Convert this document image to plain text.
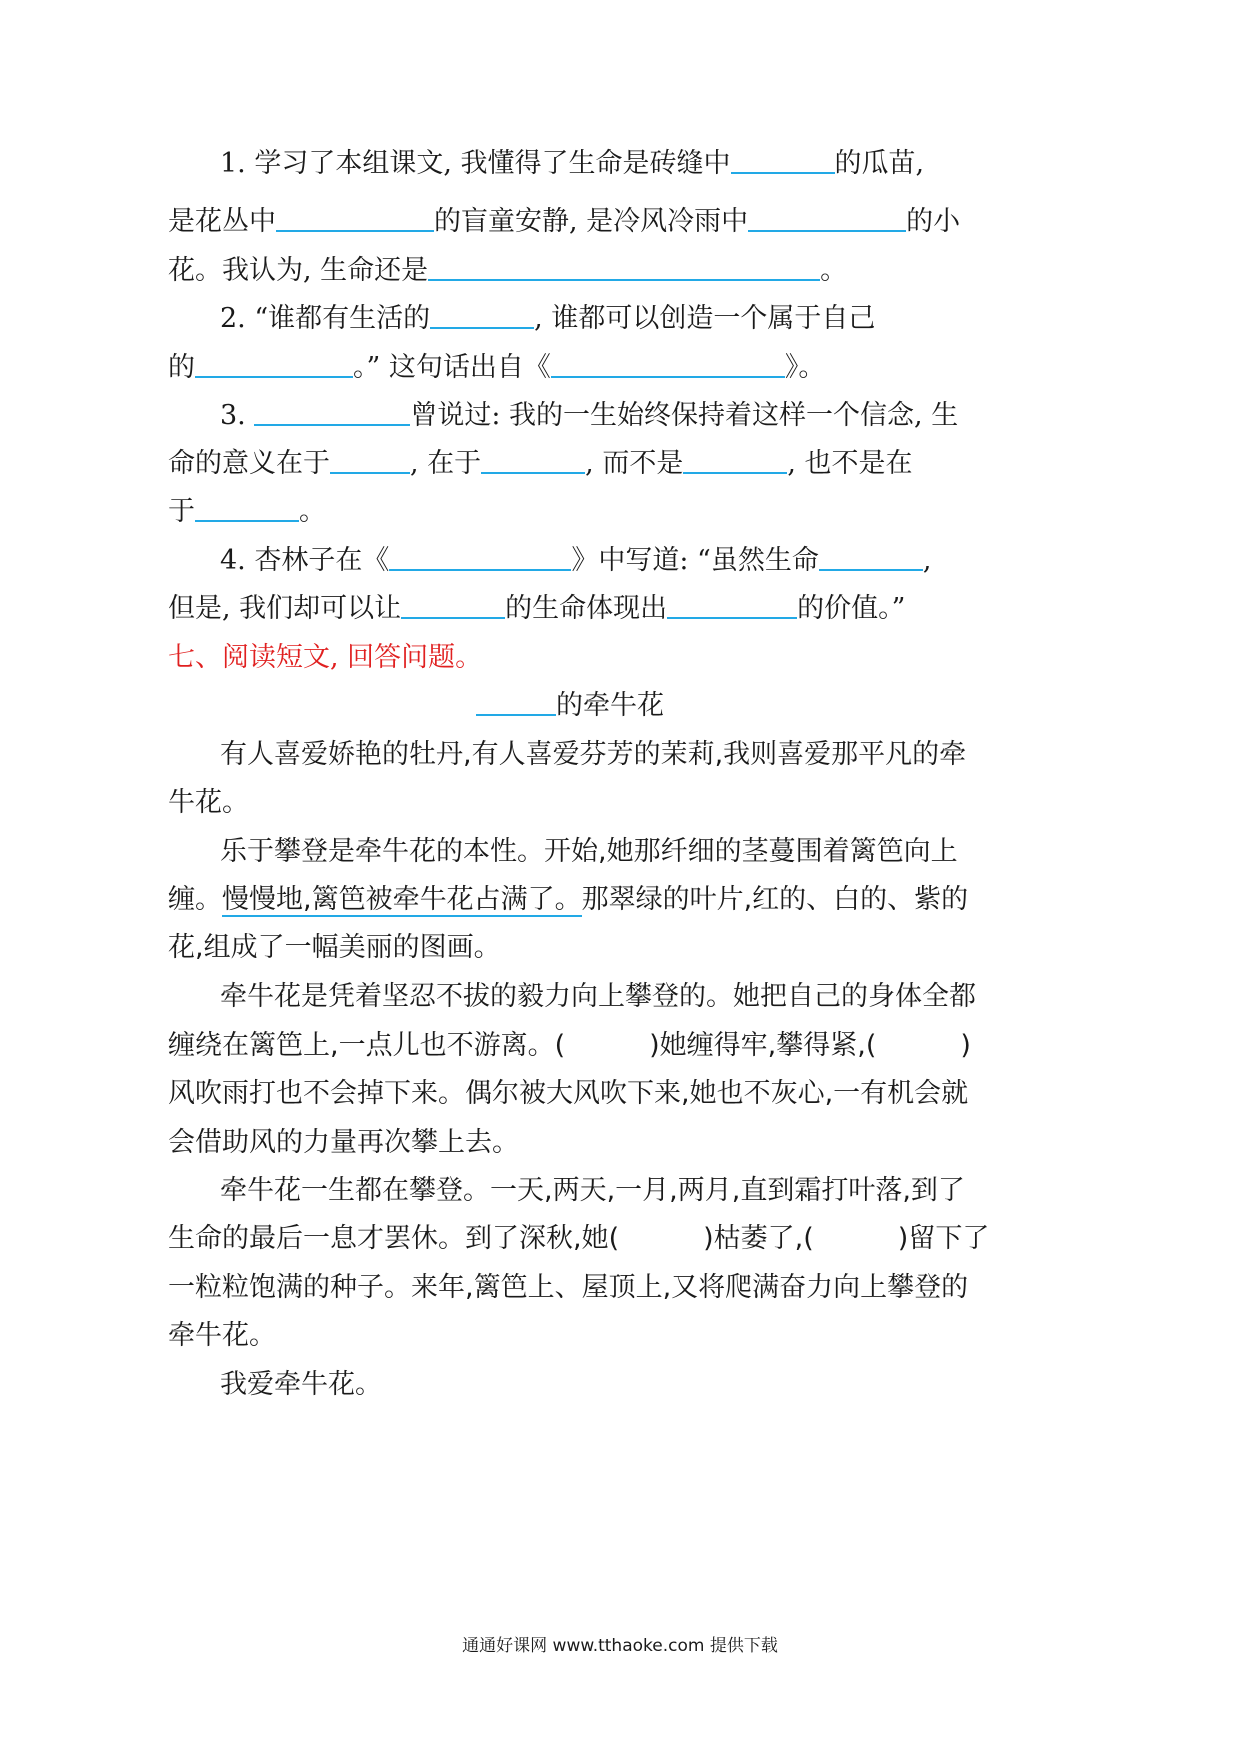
1. 学习了本组课文, 我懂得了生命是砖缝中	的瓜苗,
是花丛中	的盲童安静, 是冷风冷雨中	的小
花。我认为, 生命还是	。
2. “谁都有生活的	, 谁都可以创造一个属于自己
的	。” 这句话出自《	》。
3.	曾说过: 我的一生始终保持着这样一个信念, 生
命的意义在于	, 在于	, 而不是	, 也不是在
于	。
4. 杏林子在《	》中写道: “虽然生命	,
但是, 我们却可以让	的生命体现出	的价值。”
七、阅读短文, 回答问题。
的牵牛花
有人喜爱娇艳的牡丹,有人喜爱芬芳的茉莉,我则喜爱那平凡的牵
牛花。
乐于攀登是牵牛花的本性。开始,她那纤细的茎蔓围着篱笆向上
缠。慢慢地,篱笆被牵牛花占满了。那翠绿的叶片,红的、白的、紫的
花,组成了一幅美丽的图画。
牵牛花是凭着坚忍不拔的毅力向上攀登的。她把自己的身体全都
缠绕在篱笆上,一点儿也不游离。(	)她缠得牢,攀得紧,(	)
风吹雨打也不会掉下来。偶尔被大风吹下来,她也不灰心,一有机会就
会借助风的力量再次攀上去。
牵牛花一生都在攀登。一天,两天,一月,两月,直到霜打叶落,到了
生命的最后一息才罢休。到了深秋,她(	)枯萎了,(	)留下了
一粒粒饱满的种子。来年,篱笆上、屋顶上,又将爬满奋力向上攀登的
牵牛花。
我爱牵牛花。
通通好课网 www.tthaoke.com 提供下载
